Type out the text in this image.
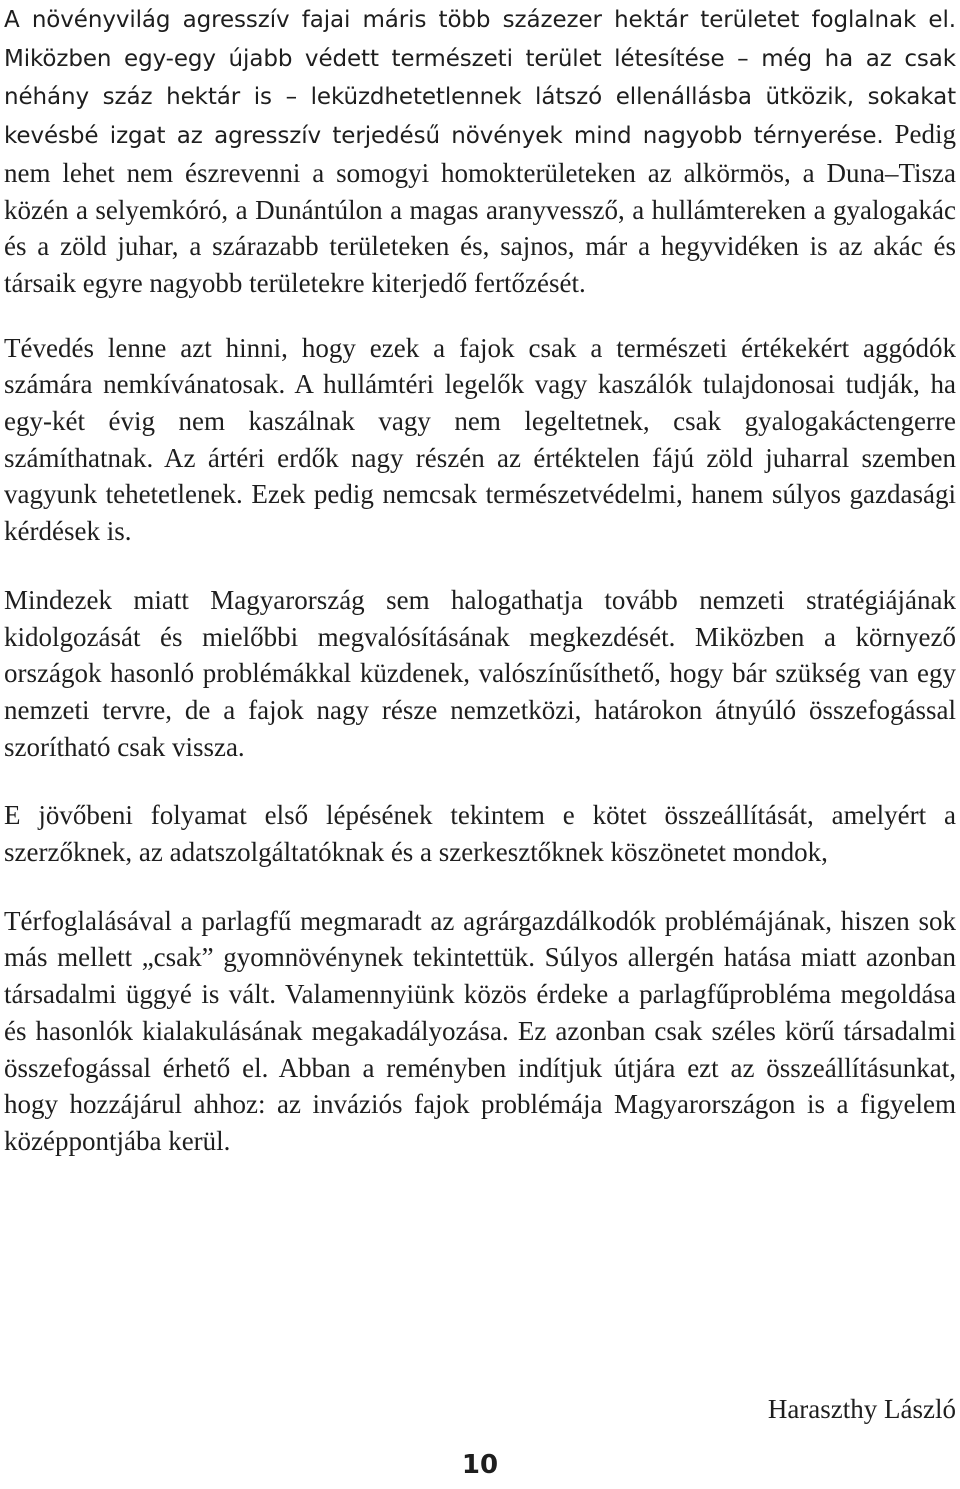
A növényvilág agresszív fajai máris több százezer hektár területet foglalnak el. Miközben egy-egy újabb védett természeti terület létesítése – még ha az csak néhány száz hektár is – leküzdhetetlennek látszó ellenállásba ütközik, sokakat kevésbé izgat az agresszív terjedésű növények mind nagyobb térnyerése. Pedig nem lehet nem észrevenni a somogyi homokterületeken az alkörmös, a Duna–Tisza közén a selyemkóró, a Dunántúlon a magas aranyvessző, a hullámtereken a gyalogakác és a zöld juhar, a szárazabb területeken és, sajnos, már a hegyvidéken is az akác és társaik egyre nagyobb területekre kiterjedő fertőzését.

Tévedés lenne azt hinni, hogy ezek a fajok csak a természeti értékekért aggódók számára nemkívánatosak. A hullámtéri legelők vagy kaszálók tulajdonosai tudják, ha egy-két évig nem kaszálnak vagy nem legeltetnek, csak gyalogakáctengerre számíthatnak. Az ártéri erdők nagy részén az értéktelen fájú zöld juharral szemben vagyunk tehetetlenek. Ezek pedig nemcsak természetvédelmi, hanem súlyos gazdasági kérdések is.

Mindezek miatt Magyarország sem halogathatja tovább nemzeti stratégiájának kidolgozását és mielőbbi megvalósításának megkezdését. Miközben a környező országok hasonló problémákkal küzdenek, valószínűsíthető, hogy bár szükség van egy nemzeti tervre, de a fajok nagy része nemzetközi, határokon átnyúló összefogással szorítható csak vissza.

E jövőbeni folyamat első lépésének tekintem e kötet összeállítását, amelyért a szerzőknek, az adatszolgáltatóknak és a szerkesztőknek köszönetet mondok,

Térfoglalásával a parlagfű megmaradt az agrárgazdálkodók problémájának, hiszen sok más mellett „csak” gyomnövénynek tekintettük. Súlyos allergén hatása miatt azonban társadalmi üggyé is vált. Valamennyiünk közös érdeke a parlagfűprobléma megoldása és hasonlók kialakulásának megakadályozása. Ez azonban csak széles körű társadalmi összefogással érhető el. Abban a reményben indítjuk útjára ezt az összeállításunkat, hogy hozzájárul ahhoz: az inváziós fajok problémája Magyarországon is a figyelem középpontjába kerül.

Haraszthy László
10
